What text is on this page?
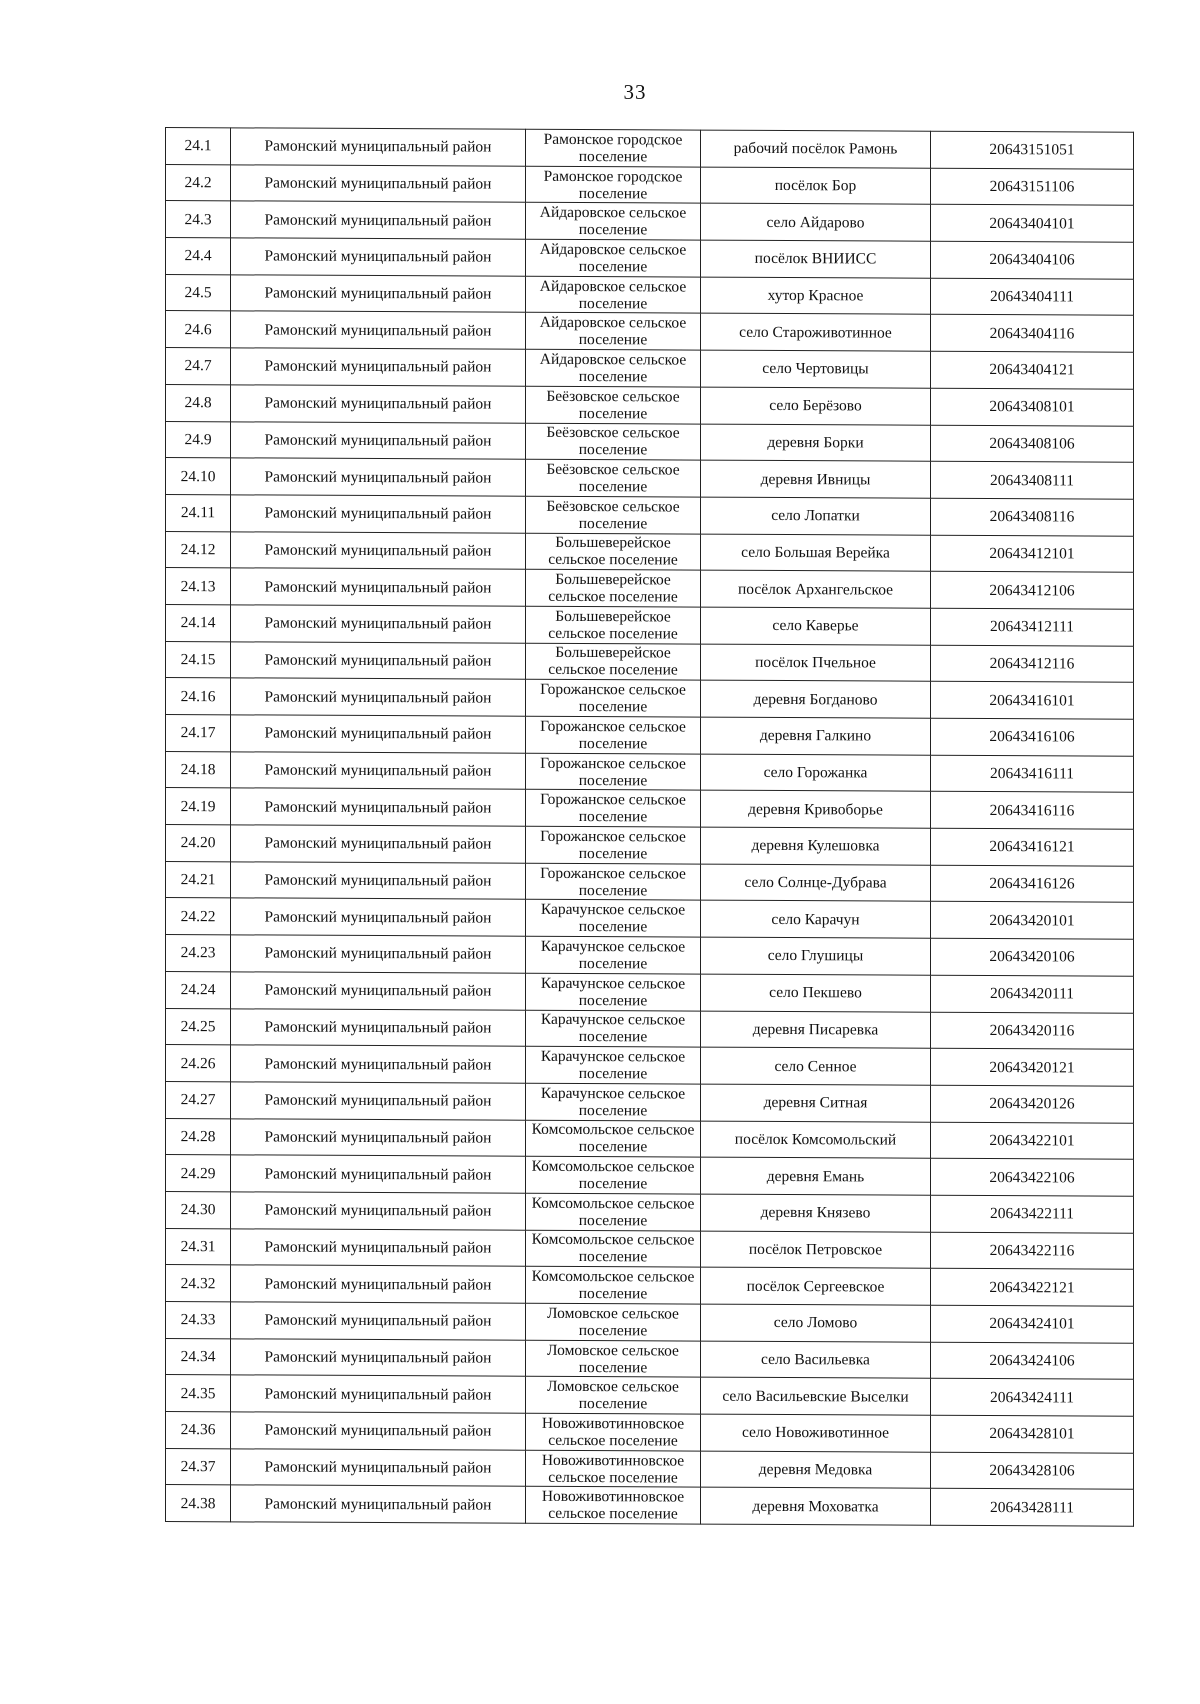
33
24.1	Рамонский муниципальный район	Рамонское городское поселение	рабочий посёлок Рамонь	20643151051
24.2	Рамонский муниципальный район	Рамонское городское поселение	посёлок Бор	20643151106
24.3	Рамонский муниципальный район	Айдаровское сельское поселение	село Айдарово	20643404101
24.4	Рамонский муниципальный район	Айдаровское сельское поселение	посёлок ВНИИСС	20643404106
24.5	Рамонский муниципальный район	Айдаровское сельское поселение	хутор Красное	20643404111
24.6	Рамонский муниципальный район	Айдаровское сельское поселение	село Староживотинное	20643404116
24.7	Рамонский муниципальный район	Айдаровское сельское поселение	село Чертовицы	20643404121
24.8	Рамонский муниципальный район	Беёзовское сельское поселение	село Берёзово	20643408101
24.9	Рамонский муниципальный район	Беёзовское сельское поселение	деревня Борки	20643408106
24.10	Рамонский муниципальный район	Беёзовское сельское поселение	деревня Ивницы	20643408111
24.11	Рамонский муниципальный район	Беёзовское сельское поселение	село Лопатки	20643408116
24.12	Рамонский муниципальный район	Большеверейское сельское поселение	село Большая Верейка	20643412101
24.13	Рамонский муниципальный район	Большеверейское сельское поселение	посёлок Архангельское	20643412106
24.14	Рамонский муниципальный район	Большеверейское сельское поселение	село Каверье	20643412111
24.15	Рамонский муниципальный район	Большеверейское сельское поселение	посёлок Пчельное	20643412116
24.16	Рамонский муниципальный район	Горожанское сельское поселение	деревня Богданово	20643416101
24.17	Рамонский муниципальный район	Горожанское сельское поселение	деревня Галкино	20643416106
24.18	Рамонский муниципальный район	Горожанское сельское поселение	село Горожанка	20643416111
24.19	Рамонский муниципальный район	Горожанское сельское поселение	деревня Кривоборье	20643416116
24.20	Рамонский муниципальный район	Горожанское сельское поселение	деревня Кулешовка	20643416121
24.21	Рамонский муниципальный район	Горожанское сельское поселение	село Солнце-Дубрава	20643416126
24.22	Рамонский муниципальный район	Карачунское сельское поселение	село Карачун	20643420101
24.23	Рамонский муниципальный район	Карачунское сельское поселение	село Глушицы	20643420106
24.24	Рамонский муниципальный район	Карачунское сельское поселение	село Пекшево	20643420111
24.25	Рамонский муниципальный район	Карачунское сельское поселение	деревня Писаревка	20643420116
24.26	Рамонский муниципальный район	Карачунское сельское поселение	село Сенное	20643420121
24.27	Рамонский муниципальный район	Карачунское сельское поселение	деревня Ситная	20643420126
24.28	Рамонский муниципальный район	Комсомольское сельское поселение	посёлок Комсомольский	20643422101
24.29	Рамонский муниципальный район	Комсомольское сельское поселение	деревня Емань	20643422106
24.30	Рамонский муниципальный район	Комсомольское сельское поселение	деревня Князево	20643422111
24.31	Рамонский муниципальный район	Комсомольское сельское поселение	посёлок Петровское	20643422116
24.32	Рамонский муниципальный район	Комсомольское сельское поселение	посёлок Сергеевское	20643422121
24.33	Рамонский муниципальный район	Ломовское сельское поселение	село Ломово	20643424101
24.34	Рамонский муниципальный район	Ломовское сельское поселение	село Васильевка	20643424106
24.35	Рамонский муниципальный район	Ломовское сельское поселение	село Васильевские Выселки	20643424111
24.36	Рамонский муниципальный район	Новоживотинновское сельское поселение	село Новоживотинное	20643428101
24.37	Рамонский муниципальный район	Новоживотинновское сельское поселение	деревня Медовка	20643428106
24.38	Рамонский муниципальный район	Новоживотинновское сельское поселение	деревня Моховатка	20643428111
